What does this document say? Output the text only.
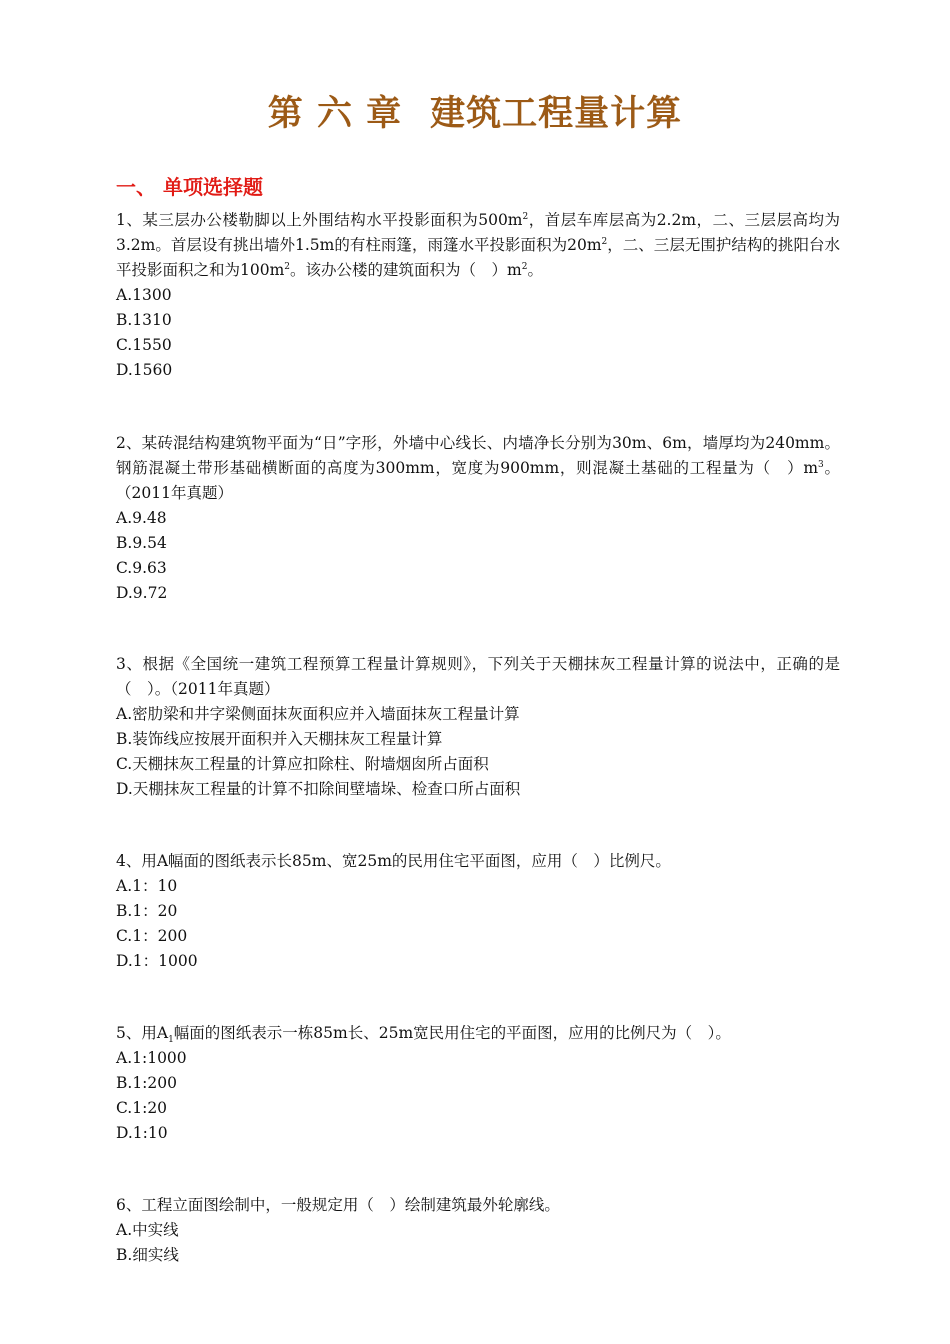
第 六 章 建筑工程量计算
一、 单项选择题

1、某三层办公楼勒脚以上外围结构水平投影面积为$500m^2$，首层车库层高为2.2m，二、三层层高均为3.2m。首层设有挑出墙外1.5m的有柱雨篷，雨篷水平投影面积为$20m^2$，二、三层无围护结构的挑阳台水平投影面积之和为$100m^2$。该办公楼的建筑面积为（　）$m^2$。

A.1300

B.1310

C.1550

D.1560

2、某砖混结构建筑物平面为“日”字形，外墙中心线长、内墙净长分别为30m、6m，墙厚均为240mm。钢筋混凝土带形基础横断面的高度为300mm，宽度为900mm，则混凝土基础的工程量为（　）$m^3$。（2011年真题）

A.9.48

B.9.54

C.9.63

D.9.72

3、根据《全国统一建筑工程预算工程量计算规则》，下列关于天棚抹灰工程量计算的说法中，正确的是（　）。（2011年真题）

A.密肋梁和井字梁侧面抹灰面积应并入墙面抹灰工程量计算

B.装饰线应按展开面积并入天棚抹灰工程量计算

C.天棚抹灰工程量的计算应扣除柱、附墙烟囱所占面积

D.天棚抹灰工程量的计算不扣除间壁墙垛、检查口所占面积

4、用A幅面的图纸表示长85m、宽25m的民用住宅平面图，应用（　）比例尺。

A.1：10

B.1：20

C.1：200

D.1：1000

5、用$A_1$幅面的图纸表示一栋85m长、25m宽民用住宅的平面图，应用的比例尺为（　）。

A.1:1000

B.1:200

C.1:20

D.1:10

6、工程立面图绘制中，一般规定用（　）绘制建筑最外轮廓线。

A.中实线

B.细实线
